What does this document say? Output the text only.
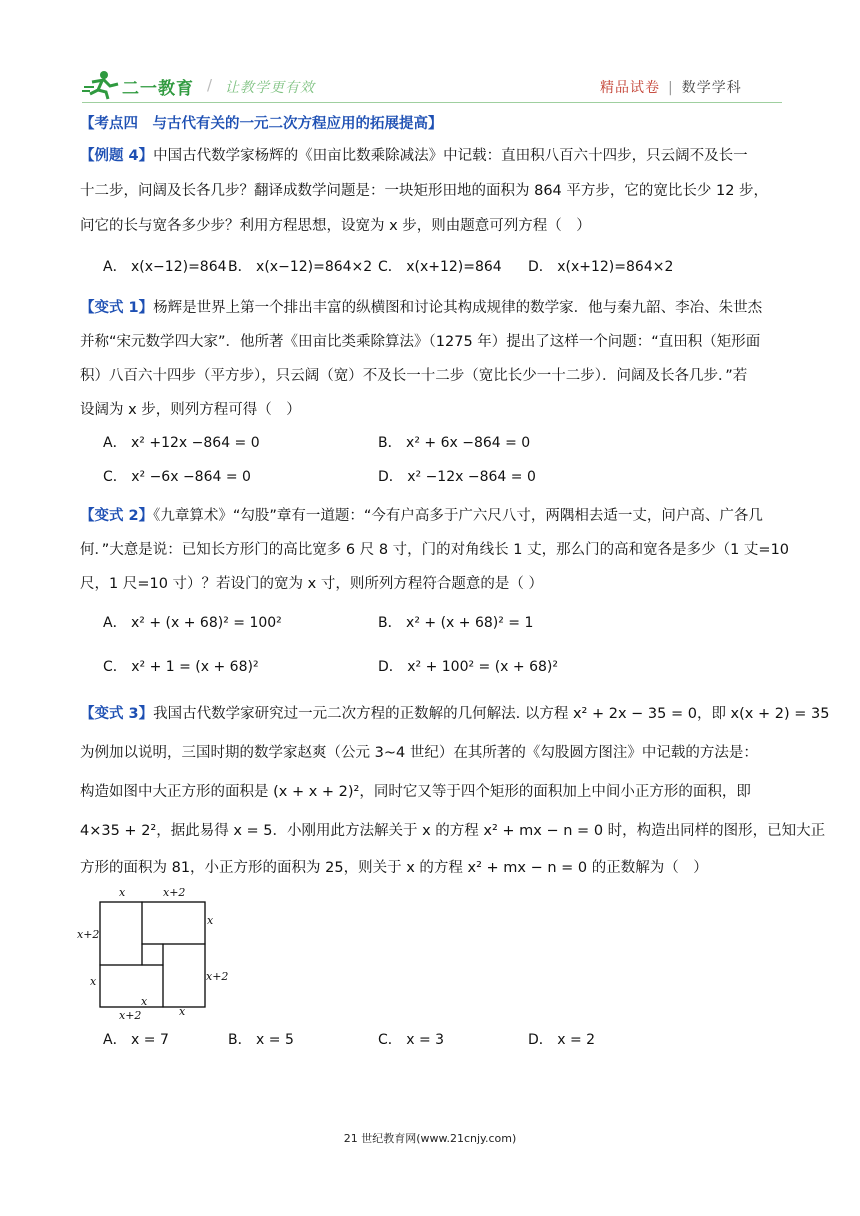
二一教育 / 让教学更有效	精品试卷 | 数学学科
【考点四　与古代有关的一元二次方程应用的拓展提高】
【例题 4】中国古代数学家杨辉的《田亩比数乘除减法》中记载：直田积八百六十四步，只云阔不及长一
十二步，问阔及长各几步？翻译成数学问题是：一块矩形田地的面积为 864 平方步，它的宽比长少 12 步，
问它的长与宽各多少步？利用方程思想，设宽为 x 步，则由题意可列方程（　）
A． x(x−12)=864 B． x(x−12)=864×2 C． x(x+12)=864 D． x(x+12)=864×2
【变式 1】杨辉是世界上第一个排出丰富的纵横图和讨论其构成规律的数学家．他与秦九韶、李冶、朱世杰
并称“宋元数学四大家”．他所著《田亩比类乘除算法》（1275 年）提出了这样一个问题：“直田积（矩形面
积）八百六十四步（平方步），只云阔（宽）不及长一十二步（宽比长少一十二步）．问阔及长各几步．”若
设阔为 x 步，则列方程可得（　）
A． x² +12x −864 = 0	B． x² + 6x −864 = 0
C． x² −6x −864 = 0	D． x² −12x −864 = 0
【变式 2】《九章算术》“勾股”章有一道题：“今有户高多于广六尺八寸，两隅相去适一丈，问户高、广各几
何．”大意是说：已知长方形门的高比宽多 6 尺 8 寸，门的对角线长 1 丈，那么门的高和宽各是多少（1 丈=10
尺，1 尺=10 寸）？若设门的宽为 x 寸，则所列方程符合题意的是（ ）
A． x² + (x + 68)² = 100²	B． x² + (x + 68)² = 1
C． x² + 1 = (x + 68)²	D． x² + 100² = (x + 68)²
【变式 3】我国古代数学家研究过一元二次方程的正数解的几何解法. 以方程 x² + 2x − 35 = 0，即 x(x + 2) = 35
为例加以说明，三国时期的数学家赵爽（公元 3~4 世纪）在其所著的《勾股圆方图注》中记载的方法是：
构造如图中大正方形的面积是 (x + x + 2)²，同时它又等于四个矩形的面积加上中间小正方形的面积，即
4×35 + 2²，据此易得 x = 5．小刚用此方法解关于 x 的方程 x² + mx − n = 0 时，构造出同样的图形，已知大正
方形的面积为 81，小正方形的面积为 25，则关于 x 的方程 x² + mx − n = 0 的正数解为（　）
x	x+2
x
x+2
x+2
x
x
x+2	x
A． x = 7	B． x = 5	C． x = 3	D． x = 2
21 世纪教育网(www.21cnjy.com)
